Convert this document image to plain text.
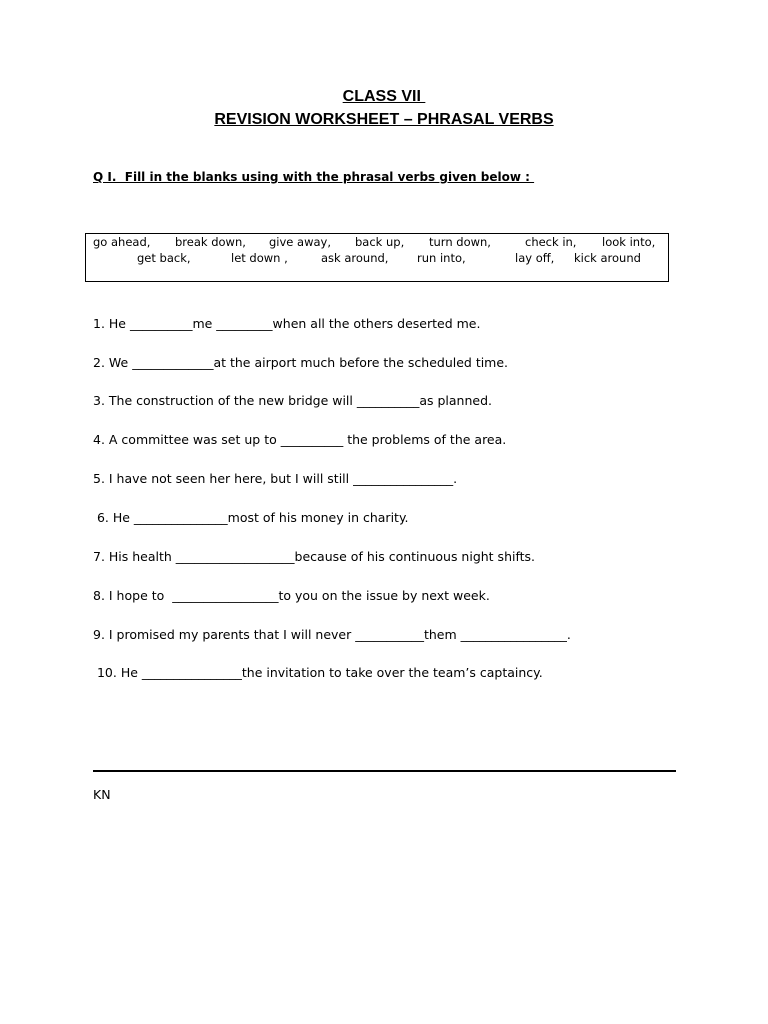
CLASS VII
REVISION WORKSHEET – PHRASAL VERBS
Q I.  Fill in the blanks using with the phrasal verbs given below :
go ahead, break down, give away, back up, turn down,	check in, look into,
get back,	let down ,	ask around, run into,	lay off, kick around
1. He __________me _________when all the others deserted me.
2. We _____________at the airport much before the scheduled time.
3. The construction of the new bridge will __________as planned.
4. A committee was set up to __________ the problems of the area.
5. I have not seen her here, but I will still ________________.
6. He _______________most of his money in charity.
7. His health ___________________because of his continuous night shifts.
8. I hope to  _________________to you on the issue by next week.
9. I promised my parents that I will never ___________them _________________.
10. He ________________the invitation to take over the team’s captaincy.
KN
